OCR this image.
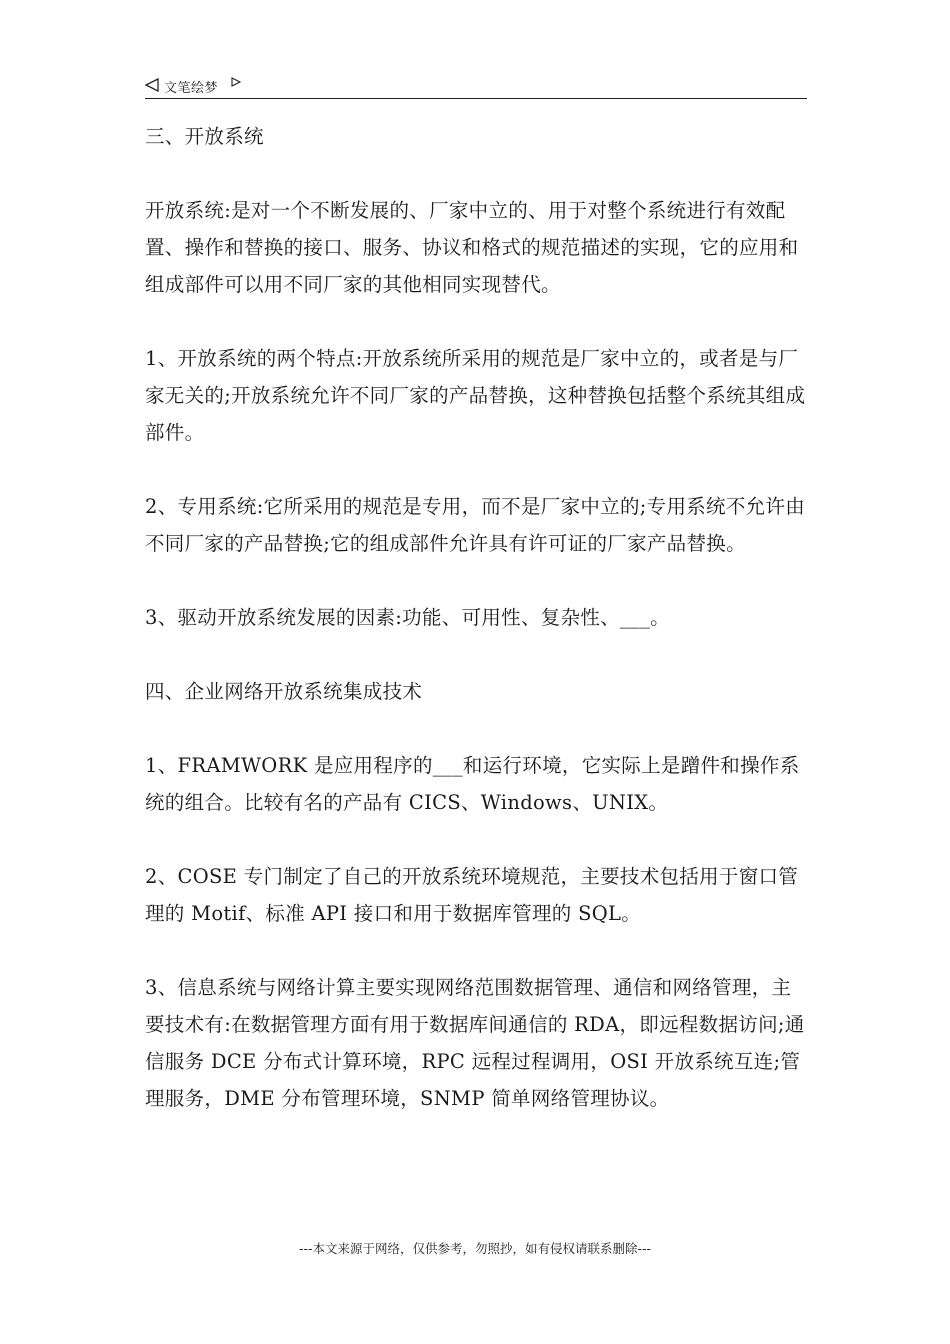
文笔绘梦

三、开放系统

开放系统:是对一个不断发展的、厂家中立的、用于对整个系统进行有效配置、操作和替换的接口、服务、协议和格式的规范描述的实现，它的应用和组成部件可以用不同厂家的其他相同实现替代。

1、开放系统的两个特点:开放系统所采用的规范是厂家中立的，或者是与厂家无关的;开放系统允许不同厂家的产品替换，这种替换包括整个系统其组成部件。

2、专用系统:它所采用的规范是专用，而不是厂家中立的;专用系统不允许由不同厂家的产品替换;它的组成部件允许具有许可证的厂家产品替换。

3、驱动开放系统发展的因素:功能、可用性、复杂性、___。

四、企业网络开放系统集成技术

1、FRAMWORK 是应用程序的___和运行环境，它实际上是蹭件和操作系统的组合。比较有名的产品有 CICS、Windows、UNIX。

2、COSE 专门制定了自己的开放系统环境规范，主要技术包括用于窗口管理的 Motif、标准 API 接口和用于数据库管理的 SQL。

3、信息系统与网络计算主要实现网络范围数据管理、通信和网络管理，主要技术有:在数据管理方面有用于数据库间通信的 RDA，即远程数据访问;通信服务 DCE 分布式计算环境，RPC 远程过程调用，OSI 开放系统互连;管理服务，DME 分布管理环境，SNMP 简单网络管理协议。

---本文来源于网络，仅供参考，勿照抄，如有侵权请联系删除---
